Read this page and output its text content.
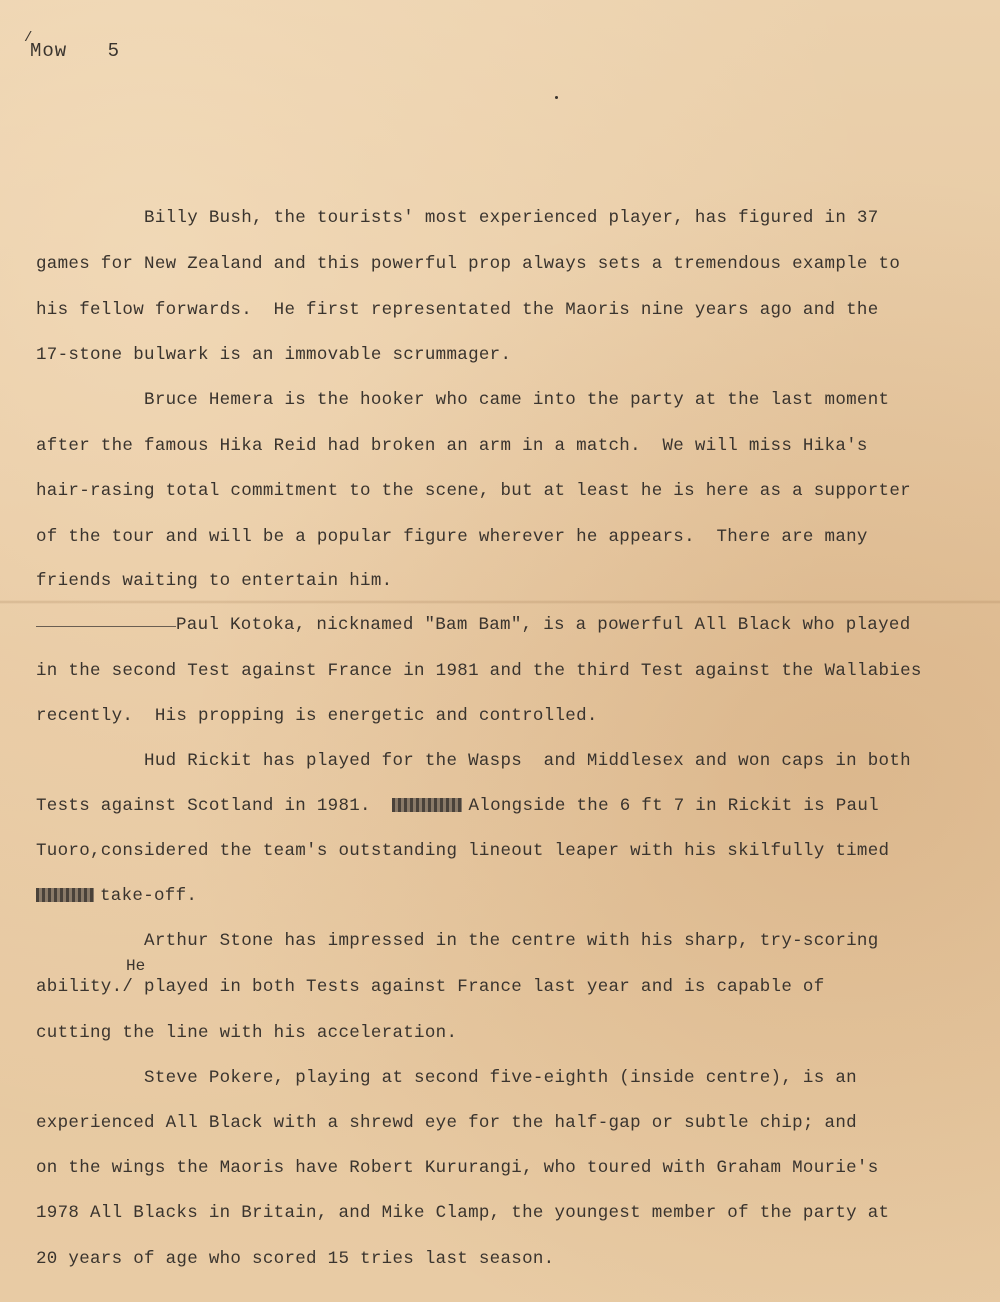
/
Mow 5
Billy Bush, the tourists' most experienced player, has figured in 37
games for New Zealand and this powerful prop always sets a tremendous example to
his fellow forwards.  He first representated the Maoris nine years ago and the
17-stone bulwark is an immovable scrummager.
Bruce Hemera is the hooker who came into the party at the last moment
after the famous Hika Reid had broken an arm in a match.  We will miss Hika's
hair-rasing total commitment to the scene, but at least he is here as a supporter
of the tour and will be a popular figure wherever he appears.  There are many
friends waiting to entertain him.
Paul Kotoka, nicknamed "Bam Bam", is a powerful All Black who played
in the second Test against France in 1981 and the third Test against the Wallabies
recently.  His propping is energetic and controlled.
Hud Rickit has played for the Wasps  and Middlesex and won caps in both
Tests against Scotland in 1981.	Alongside the 6 ft 7 in Rickit is Paul
Tuoro,considered the team's outstanding lineout leaper with his skilfully timed
take-off.
Arthur Stone has impressed in the centre with his sharp, try-scoring
He
ability./ played in both Tests against France last year and is capable of
cutting the line with his acceleration.
Steve Pokere, playing at second five-eighth (inside centre), is an
experienced All Black with a shrewd eye for the half-gap or subtle chip; and
on the wings the Maoris have Robert Kururangi, who toured with Graham Mourie's
1978 All Blacks in Britain, and Mike Clamp, the youngest member of the party at
20 years of age who scored 15 tries last season.
